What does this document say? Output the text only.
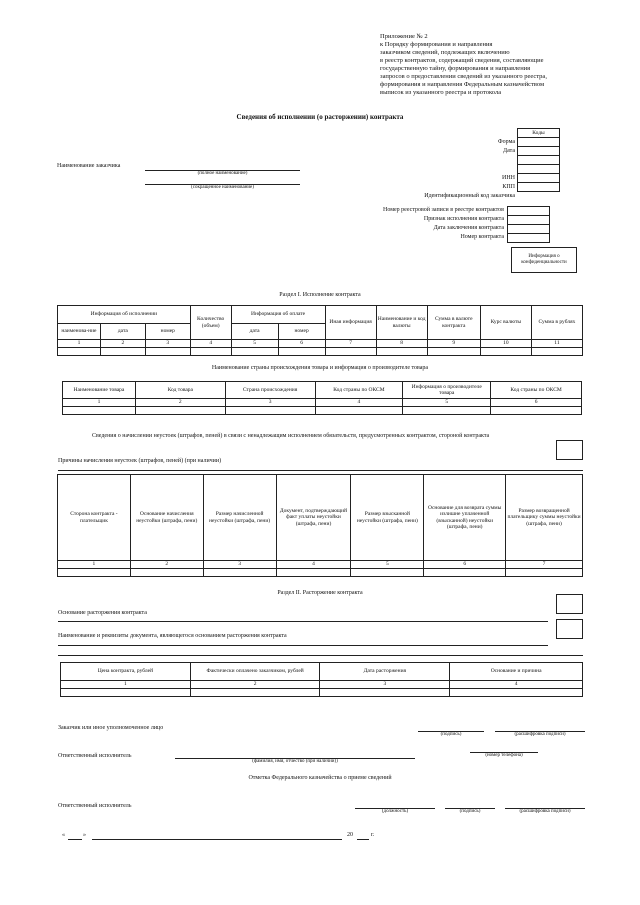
Приложение № 2
к Порядку формирования и направления
заказчиком сведений, подлежащих включению
в реестр контрактов, содержащий сведения, составляющие
государственную тайну, формирования и направления
запросов о предоставлении сведений из указанного реестра,
формирования и направления Федеральным казначейством
выписок из указанного реестра и протокола
Сведения об исполнении (о расторжении) контракта
Коды

Форма
Дата
ИНН
КПП
Идентификационный код заказчика
Наименование заказчика
(полное наименование)
(сокращенное наименование)
Номер реестровой записи в реестре контрактов
Признак исполнения контракта
Дата заключения контракта
Номер контракта

Информация о конфиденциальности
Раздел I. Исполнение контракта
Информация об исполнении			Количество (объем)	Информация об оплате		Иная информация	Наименование и код валюты	Сумма в валюте контракта	Курс валюты	Сумма в рублях
наименова-ние	дата	номер		дата	номер					
1	2	3	4	5	6	7	8	9	10	11

Наименование страны происхождения товара и информация о производителе товара
Наименование товара	Код товара	Страна происхождения	Код страны по ОКСМ	Информация о производителе товара	Код страны по ОКСМ
1	2	3	4	5	6

Сведения о начислении неустоек (штрафов, пеней) в связи с ненадлежащим исполнением обязательств, предусмотренных контрактом, стороной контракта
Причины начисления неустоек (штрафов, пеней) (при наличии)
Сторона контракта - плательщик	Основание начисления неустойки (штрафа, пени)	Размер начисленной неустойки (штрафа, пени)	Документ, подтверждающий факт уплаты неустойки (штрафа, пени)	Размер взысканной неустойки (штрафа, пени)	Основание для возврата суммы излишне уплаченной (взысканной) неустойки (штрафа, пени)	Размер возвращенной плательщику суммы неустойки (штрафа, пени)
1	2	3	4	5	6	7

Раздел II. Расторжение контракта
Основание расторжения контракта
Наименование и реквизиты документа, являющегося основанием расторжения контракта
Цена контракта, рублей	Фактически оплачено заказчиком, рублей	Дата расторжения	Основание и причина
1	2	3	4

Заказчик или иное уполномоченное лицо
(подпись)	(расшифровка подписи)
Ответственный исполнитель
(фамилия, имя, отчество (при наличии))
(номер телефона)
Отметка Федерального казначейства о приеме сведений
Ответственный исполнитель
(должность)	(подпись)	(расшифровка подписи)
«	»	20	г.
